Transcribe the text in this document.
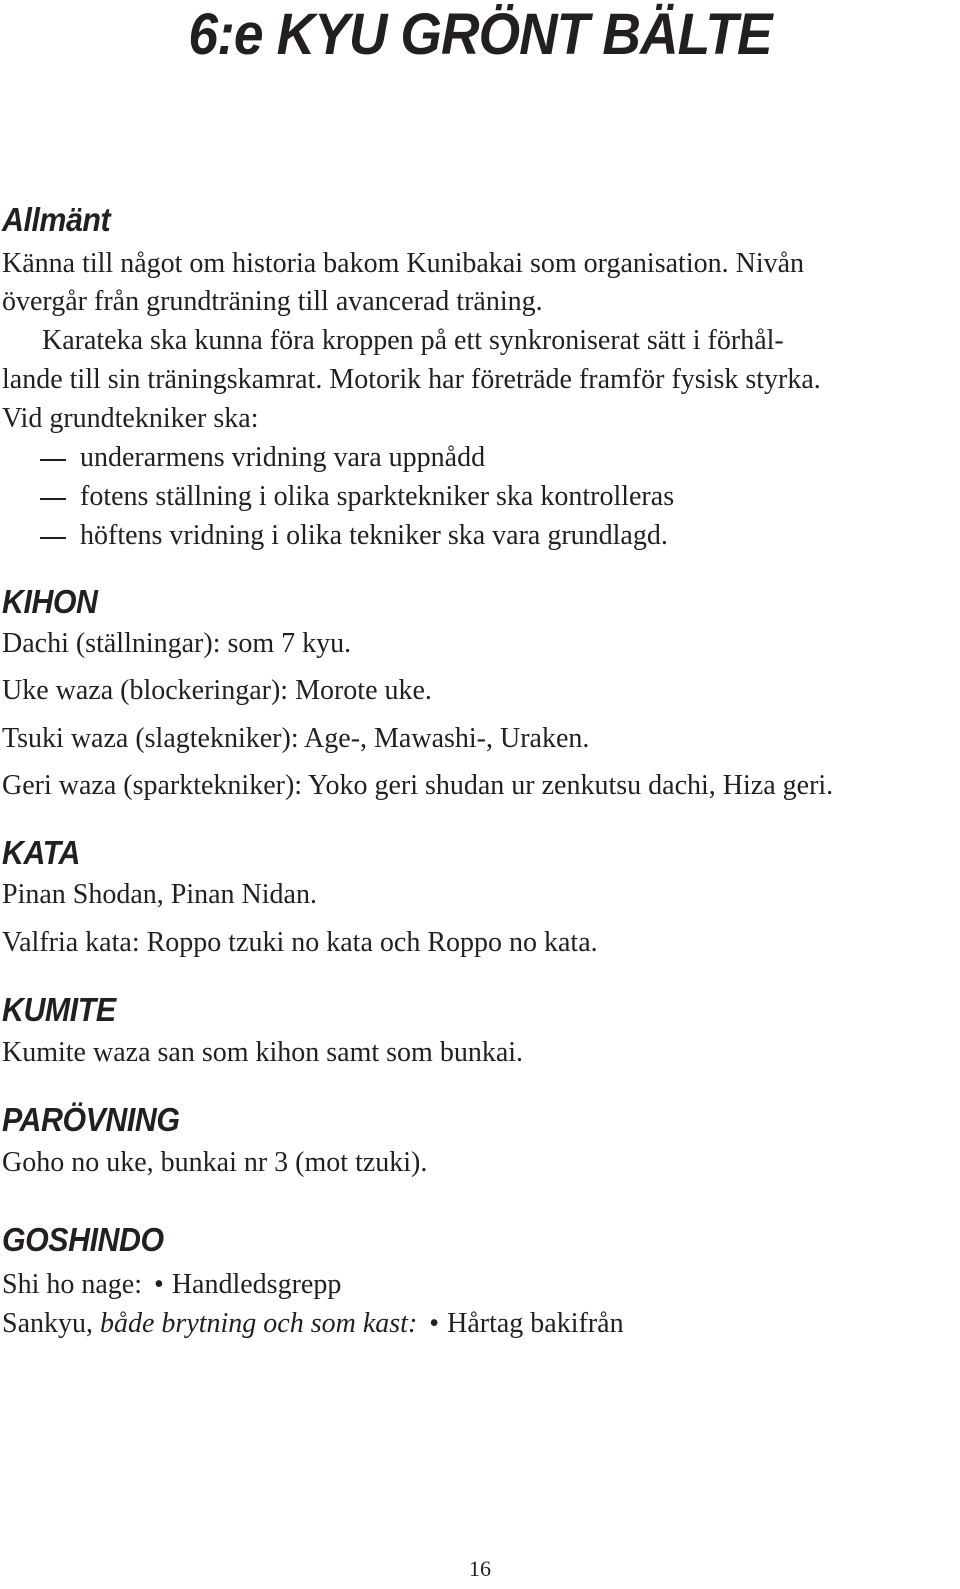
6:e KYU GRÖNT BÄLTE
Allmänt
Känna till något om historia bakom Kunibakai som organisation. Nivån
övergår från grundträning till avancerad träning.
Karateka ska kunna föra kroppen på ett synkroniserat sätt i förhål-
lande till sin träningskamrat. Motorik har företräde framför fysisk styrka.
Vid grundtekniker ska:
underarmens vridning vara uppnådd
fotens ställning i olika sparktekniker ska kontrolleras
höftens vridning i olika tekniker ska vara grundlagd.
KIHON
Dachi (ställningar): som 7 kyu.
Uke waza (blockeringar): Morote uke.
Tsuki waza (slagtekniker): Age-, Mawashi-, Uraken.
Geri waza (sparktekniker): Yoko geri shudan ur zenkutsu dachi, Hiza geri.
KATA
Pinan Shodan, Pinan Nidan.
Valfria kata: Roppo tzuki no kata och Roppo no kata.
KUMITE
Kumite waza san som kihon samt som bunkai.
PARÖVNING
Goho no uke, bunkai nr 3 (mot tzuki).
GOSHINDO
Shi ho nage: • Handledsgrepp
Sankyu, både brytning och som kast: • Hårtag bakifrån
16
